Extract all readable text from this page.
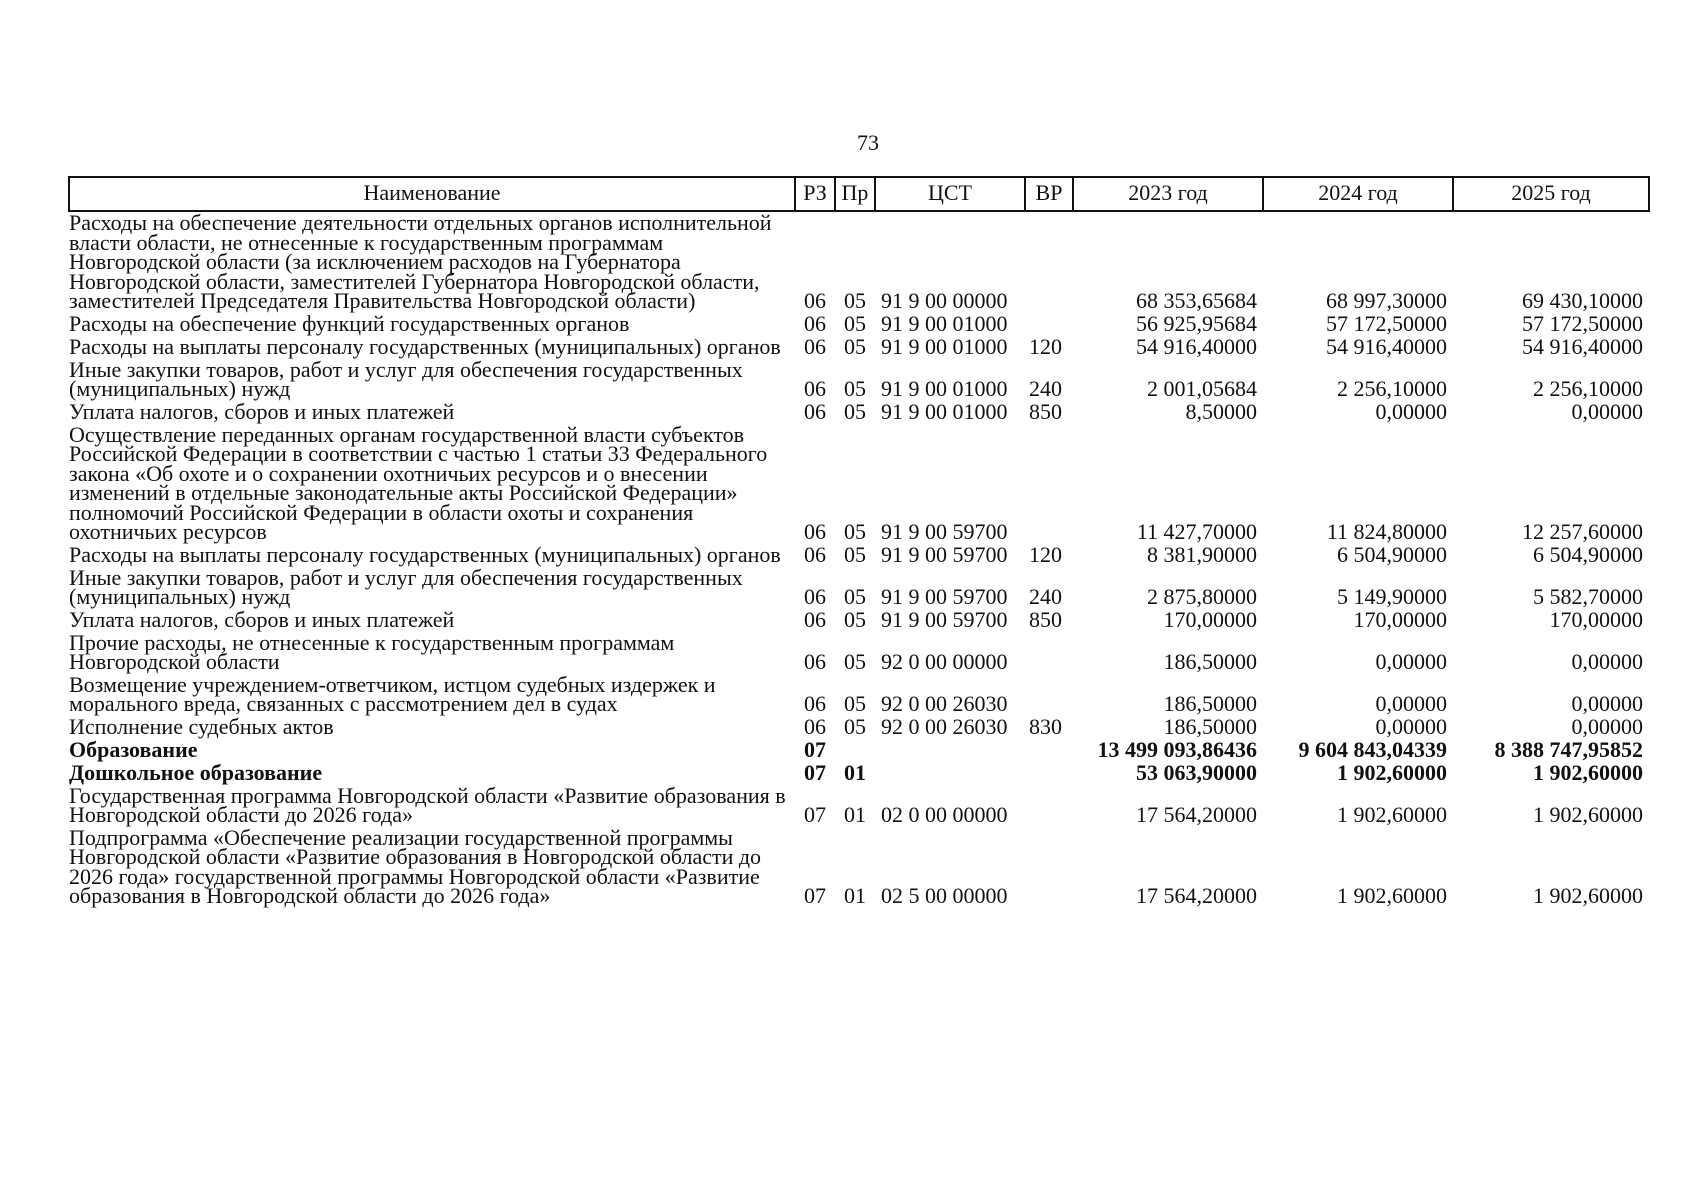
73
Наименование	РЗ	Пр	ЦСТ	ВР	2023 год	2024 год	2025 год
Расходы на обеспечение деятельности отдельных органов исполнительной власти области, не отнесенные к государственным программам Новгородской области (за исключением расходов на Губернатора Новгородской области, заместителей Губернатора Новгородской области, заместителей Председателя Правительства Новгородской области)	06	05	91 9 00 00000		68 353,65684	68 997,30000	69 430,10000
Расходы на обеспечение функций государственных органов	06	05	91 9 00 01000		56 925,95684	57 172,50000	57 172,50000
Расходы на выплаты персоналу государственных (муниципальных) органов	06	05	91 9 00 01000	120	54 916,40000	54 916,40000	54 916,40000
Иные закупки товаров, работ и услуг для обеспечения государственных (муниципальных) нужд	06	05	91 9 00 01000	240	2 001,05684	2 256,10000	2 256,10000
Уплата налогов, сборов и иных платежей	06	05	91 9 00 01000	850	8,50000	0,00000	0,00000
Осуществление переданных органам государственной власти субъектов Российской Федерации в соответствии с частью 1 статьи 33 Федерального закона «Об охоте и о сохранении охотничьих ресурсов и о внесении изменений в отдельные законодательные акты Российской Федерации» полномочий Российской Федерации в области охоты и сохранения охотничьих ресурсов	06	05	91 9 00 59700		11 427,70000	11 824,80000	12 257,60000
Расходы на выплаты персоналу государственных (муниципальных) органов	06	05	91 9 00 59700	120	8 381,90000	6 504,90000	6 504,90000
Иные закупки товаров, работ и услуг для обеспечения государственных (муниципальных) нужд	06	05	91 9 00 59700	240	2 875,80000	5 149,90000	5 582,70000
Уплата налогов, сборов и иных платежей	06	05	91 9 00 59700	850	170,00000	170,00000	170,00000
Прочие расходы, не отнесенные к государственным программам Новгородской области	06	05	92 0 00 00000		186,50000	0,00000	0,00000
Возмещение учреждением-ответчиком, истцом судебных издержек и морального вреда, связанных с рассмотрением дел в судах	06	05	92 0 00 26030		186,50000	0,00000	0,00000
Исполнение судебных актов	06	05	92 0 00 26030	830	186,50000	0,00000	0,00000
Образование	07				13 499 093,86436	9 604 843,04339	8 388 747,95852
Дошкольное образование	07	01			53 063,90000	1 902,60000	1 902,60000
Государственная программа Новгородской области «Развитие образования в Новгородской области до 2026 года»	07	01	02 0 00 00000		17 564,20000	1 902,60000	1 902,60000
Подпрограмма «Обеспечение реализации государственной программы Новгородской области «Развитие образования в Новгородской области до 2026 года» государственной программы Новгородской области «Развитие образования в Новгородской области до 2026 года»	07	01	02 5 00 00000		17 564,20000	1 902,60000	1 902,60000
